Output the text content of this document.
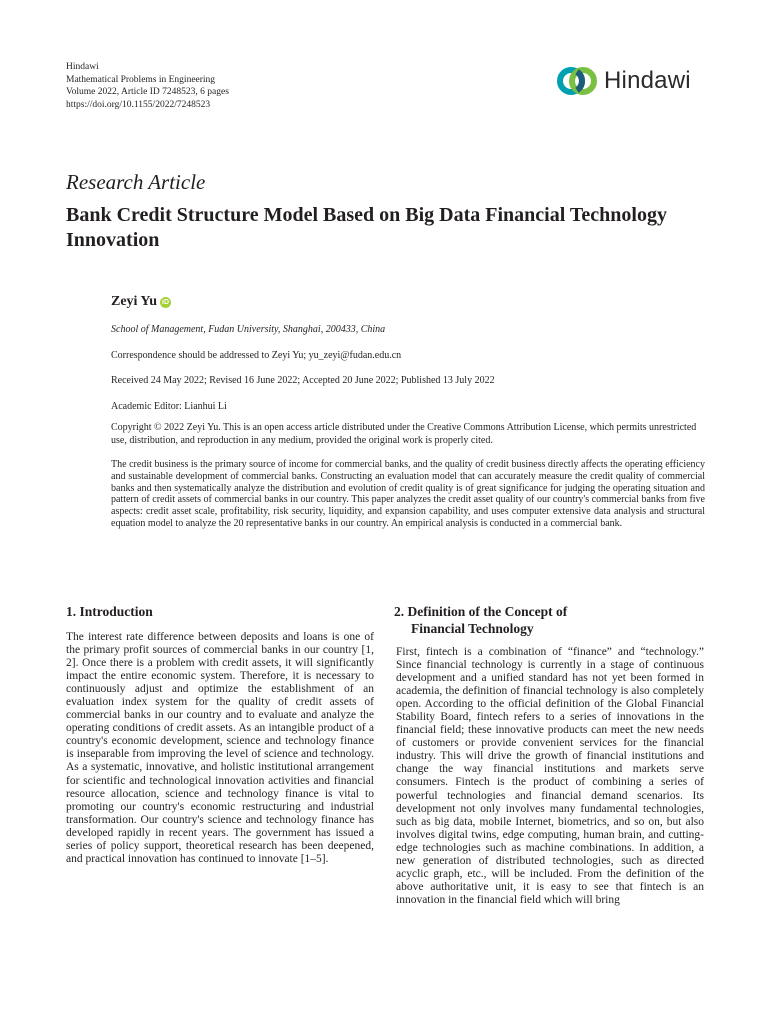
Hindawi
Mathematical Problems in Engineering
Volume 2022, Article ID 7248523, 6 pages
https://doi.org/10.1155/2022/7248523
Hindawi
Research Article
Bank Credit Structure Model Based on Big Data Financial Technology Innovation
Zeyi Yu iD
School of Management, Fudan University, Shanghai, 200433, China
Correspondence should be addressed to Zeyi Yu; yu_zeyi@fudan.edu.cn
Received 24 May 2022; Revised 16 June 2022; Accepted 20 June 2022; Published 13 July 2022
Academic Editor: Lianhui Li
Copyright © 2022 Zeyi Yu. This is an open access article distributed under the Creative Commons Attribution License, which permits unrestricted use, distribution, and reproduction in any medium, provided the original work is properly cited.

The credit business is the primary source of income for commercial banks, and the quality of credit business directly affects the operating efficiency and sustainable development of commercial banks. Constructing an evaluation model that can accurately measure the credit quality of commercial banks and then systematically analyze the distribution and evolution of credit quality is of great significance for judging the operating situation and pattern of credit assets of commercial banks in our country. This paper analyzes the credit asset quality of our country's commercial banks from five aspects: credit asset scale, profitability, risk security, liquidity, and expansion capability, and uses computer extensive data analysis and structural equation model to analyze the 20 representative banks in our country. An empirical analysis is conducted in a commercial bank.

1. Introduction	2. Definition of the Concept of
Financial Technology

The interest rate difference between deposits and loans is one of the primary profit sources of commercial banks in our country [1, 2]. Once there is a problem with credit assets, it will significantly impact the entire economic system. Therefore, it is necessary to continuously adjust and optimize the establishment of an evaluation index system for the quality of credit assets of commercial banks in our country and to evaluate and analyze the operating conditions of credit assets. As an intangible product of a country's economic development, science and technology finance is inseparable from improving the level of science and technology. As a systematic, innovative, and holistic institutional arrangement for scientific and technological innovation activities and financial resource allocation, science and technology finance is vital to promoting our country's economic restructuring and industrial transformation. Our country's science and technology finance has developed rapidly in recent years. The government has issued a series of policy support, theoretical research has been deepened, and practical innovation has continued to innovate [1–5].

First, fintech is a combination of “finance” and “technology.” Since financial technology is currently in a stage of continuous development and a unified standard has not yet been formed in academia, the definition of financial technology is also completely open. According to the official definition of the Global Financial Stability Board, fintech refers to a series of innovations in the financial field; these innovative products can meet the new needs of customers or provide convenient services for the financial industry. This will drive the growth of financial institutions and change the way financial institutions and markets serve consumers. Fintech is the product of combining a series of powerful technologies and financial demand scenarios. Its development not only involves many fundamental technologies, such as big data, mobile Internet, biometrics, and so on, but also involves digital twins, edge computing, human brain, and cutting-edge technologies such as machine combinations. In addition, a new generation of distributed technologies, such as directed acyclic graph, etc., will be included. From the definition of the above authoritative unit, it is easy to see that fintech is an innovation in the financial field which will bring
